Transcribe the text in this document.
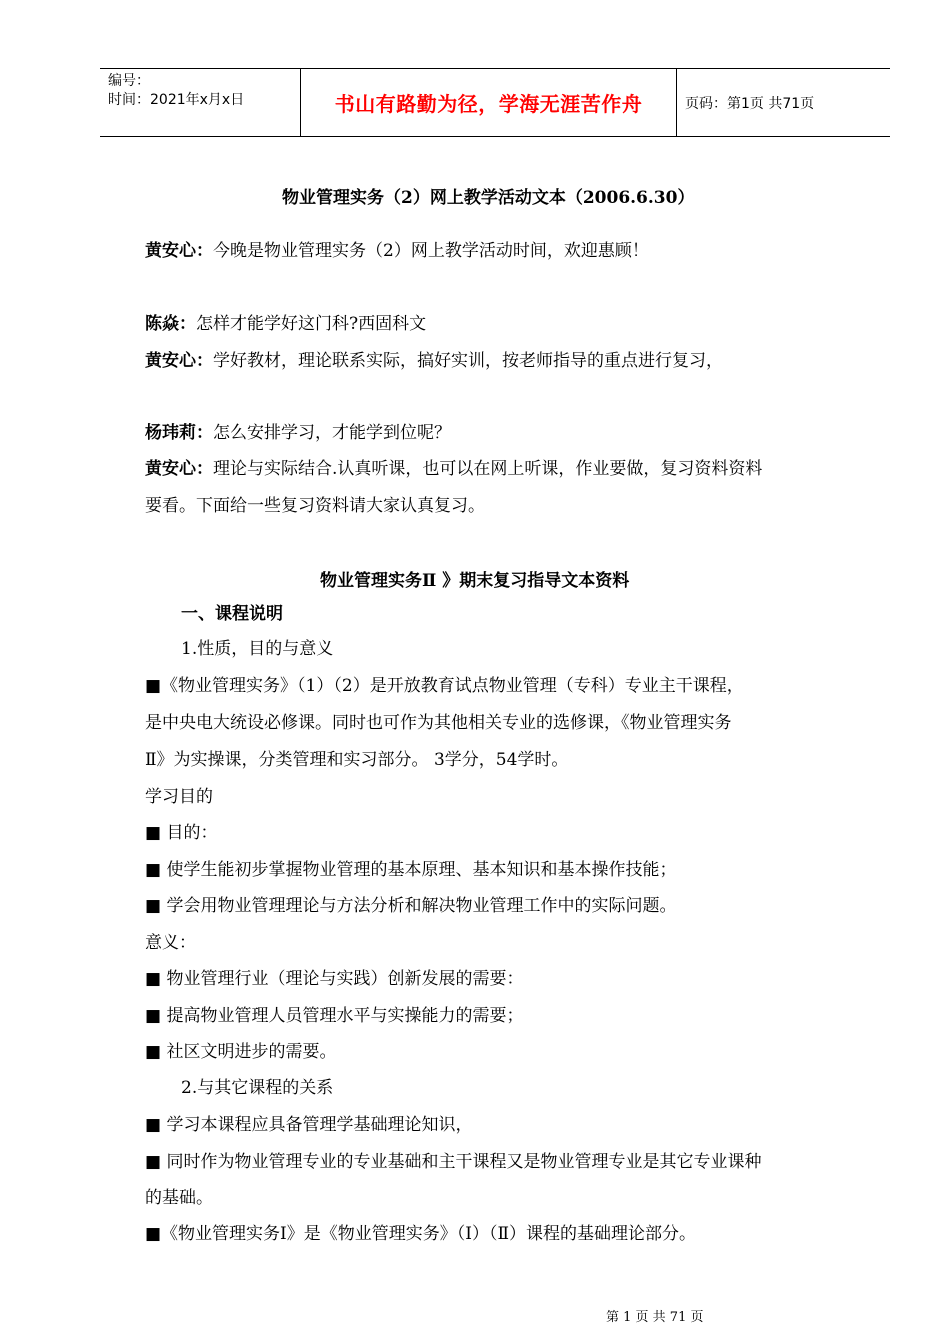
编号：
时间：2021年x月x日	书山有路勤为径，学海无涯苦作舟	页码：第1页 共71页
物业管理实务（2）网上教学活动文本（2006.6.30）
黄安心：今晚是物业管理实务（2）网上教学活动时间，欢迎惠顾！
陈焱：怎样才能学好这门科?西固科文
黄安心：学好教材，理论联系实际，搞好实训，按老师指导的重点进行复习，
杨玮莉：怎么安排学习，才能学到位呢？
黄安心：理论与实际结合.认真听课，也可以在网上听课，作业要做，复习资料资料
要看。下面给一些复习资料请大家认真复习。
物业管理实务Ⅱ 》期末复习指导文本资料
一、课程说明
1.性质，目的与意义
■《物业管理实务》（1）（2）是开放教育试点物业管理（专科）专业主干课程，
是中央电大统设必修课。同时也可作为其他相关专业的选修课，《物业管理实务
Ⅱ》为实操课，分类管理和实习部分。 3学分，54学时。
学习目的
■ 目的：
■ 使学生能初步掌握物业管理的基本原理、基本知识和基本操作技能；
■ 学会用物业管理理论与方法分析和解决物业管理工作中的实际问题。
意义：
■ 物业管理行业（理论与实践）创新发展的需要：
■ 提高物业管理人员管理水平与实操能力的需要；
■ 社区文明进步的需要。
2.与其它课程的关系
■ 学习本课程应具备管理学基础理论知识，
■ 同时作为物业管理专业的专业基础和主干课程又是物业管理专业是其它专业课种
的基础。
■《物业管理实务Ⅰ》是《物业管理实务》（Ⅰ）（Ⅱ）课程的基础理论部分。
第 1 页 共 71 页
